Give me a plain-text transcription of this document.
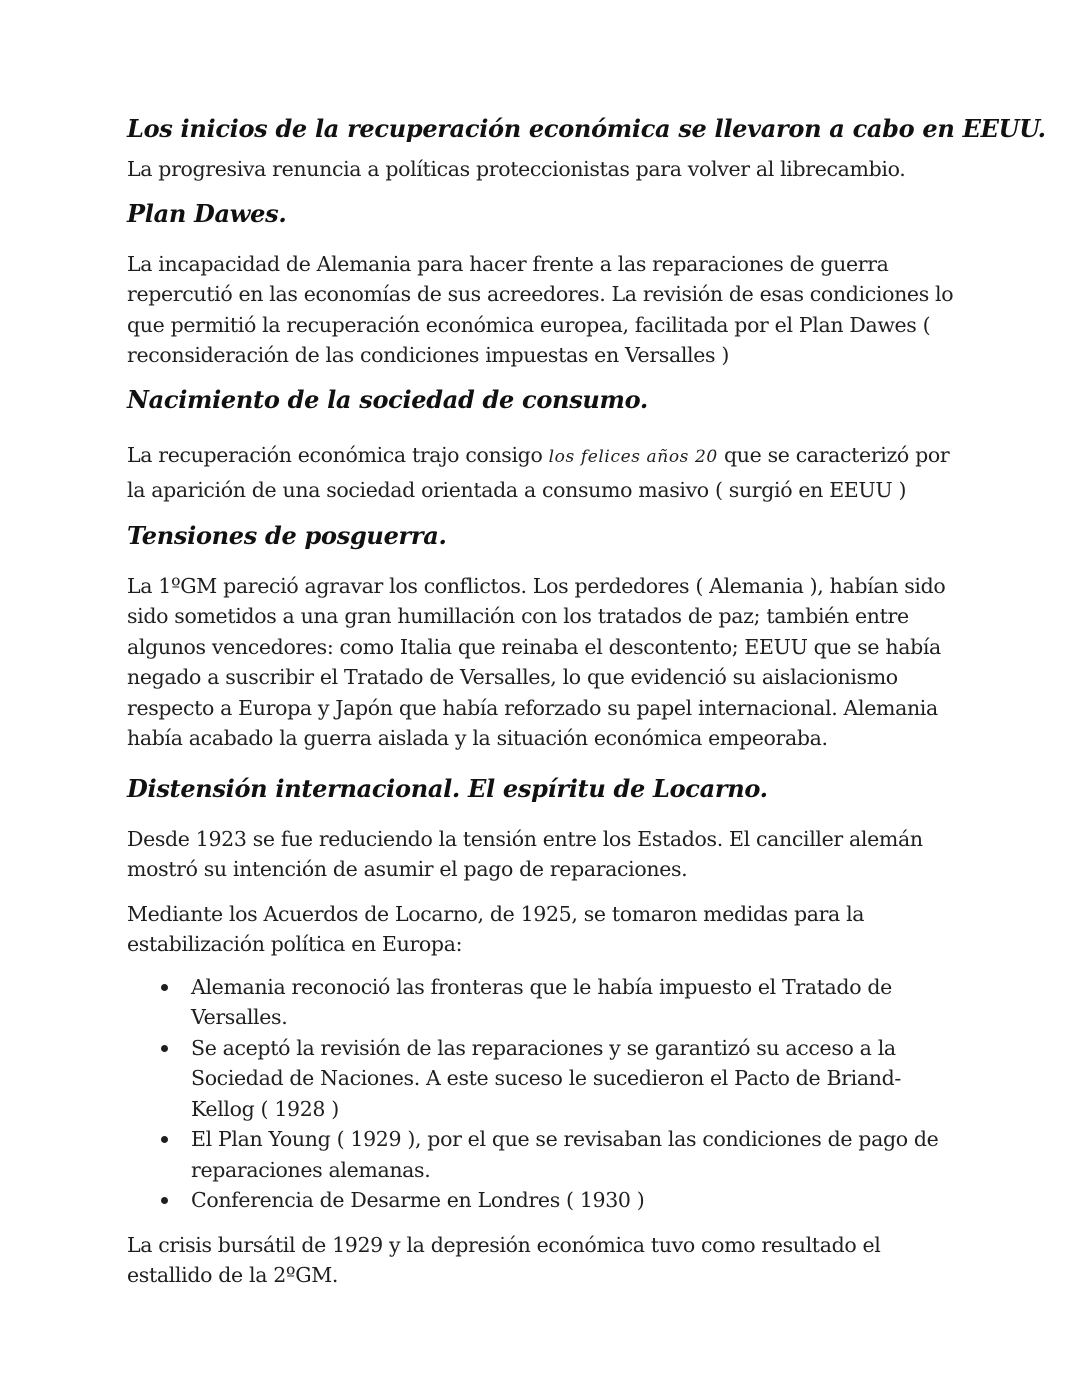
Los inicios de la recuperación económica se llevaron a cabo en EEUU.

La progresiva renuncia a políticas proteccionistas para volver al librecambio.

Plan Dawes.

La incapacidad de Alemania para hacer frente a las reparaciones de guerra repercutió en las economías de sus acreedores. La revisión de esas condiciones lo que permitió la recuperación económica europea, facilitada por el Plan Dawes ( reconsideración de las condiciones impuestas en Versalles )

Nacimiento de la sociedad de consumo.

La recuperación económica trajo consigo los felices años 20 que se caracterizó por la aparición de una sociedad orientada a consumo masivo ( surgió en EEUU )

Tensiones de posguerra.

La 1ºGM pareció agravar los conflictos. Los perdedores ( Alemania ), habían sido sido sometidos a una gran humillación con los tratados de paz; también entre algunos vencedores: como Italia que reinaba el descontento; EEUU que se había negado a suscribir el Tratado de Versalles, lo que evidenció su aislacionismo respecto a Europa y Japón que había reforzado su papel internacional. Alemania había acabado la guerra aislada y la situación económica empeoraba.

Distensión internacional. El espíritu de Locarno.

Desde 1923 se fue reduciendo la tensión entre los Estados. El canciller alemán mostró su intención de asumir el pago de reparaciones.

Mediante los Acuerdos de Locarno, de 1925, se tomaron medidas para la estabilización política en Europa:

Alemania reconoció las fronteras que le había impuesto el Tratado de Versalles.
Se aceptó la revisión de las reparaciones y se garantizó su acceso a la Sociedad de Naciones. A este suceso le sucedieron el Pacto de Briand-Kellog ( 1928 )
El Plan Young ( 1929 ), por el que se revisaban las condiciones de pago de reparaciones alemanas.
Conferencia de Desarme en Londres ( 1930 )

La crisis bursátil de 1929 y la depresión económica tuvo como resultado el estallido de la 2ºGM.
